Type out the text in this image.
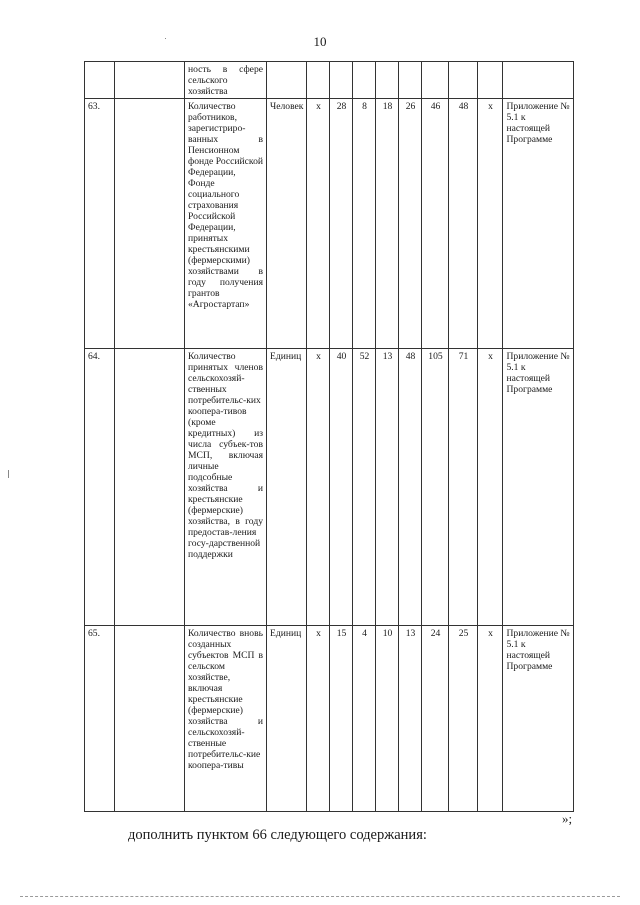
10
		ность в сфере сельского хозяйства										
63.		Количество работников, зарегистриро-ванных в Пенсионном фонде Российской Федерации, Фонде социального страхования Российской Федерации, принятых крестьянскими (фермерскими) хозяйствами в году получения грантов «Агростартап»	Человек	х	28	8	18	26	46	48	х	Приложение № 5.1 к настоящей Программе
64.		Количество принятых членов сельскохозяй-ственных потребительс-ких коопера-тивов (кроме кредитных) из числа субъек-тов МСП, включая личные подсобные хозяйства и крестьянские (фермерские) хозяйства, в году предостав-ления госу-дарственной поддержки	Единиц	х	40	52	13	48	105	71	х	Приложение № 5.1 к настоящей Программе
65.		Количество вновь созданных субъектов МСП в сельском хозяйстве, включая крестьянские (фермерские) хозяйства и сельскохозяй-ственные потребительс-кие коопера-тивы	Единиц	х	15	4	10	13	24	25	х	Приложение № 5.1 к настоящей Программе
»;
дополнить пунктом 66 следующего содержания:
